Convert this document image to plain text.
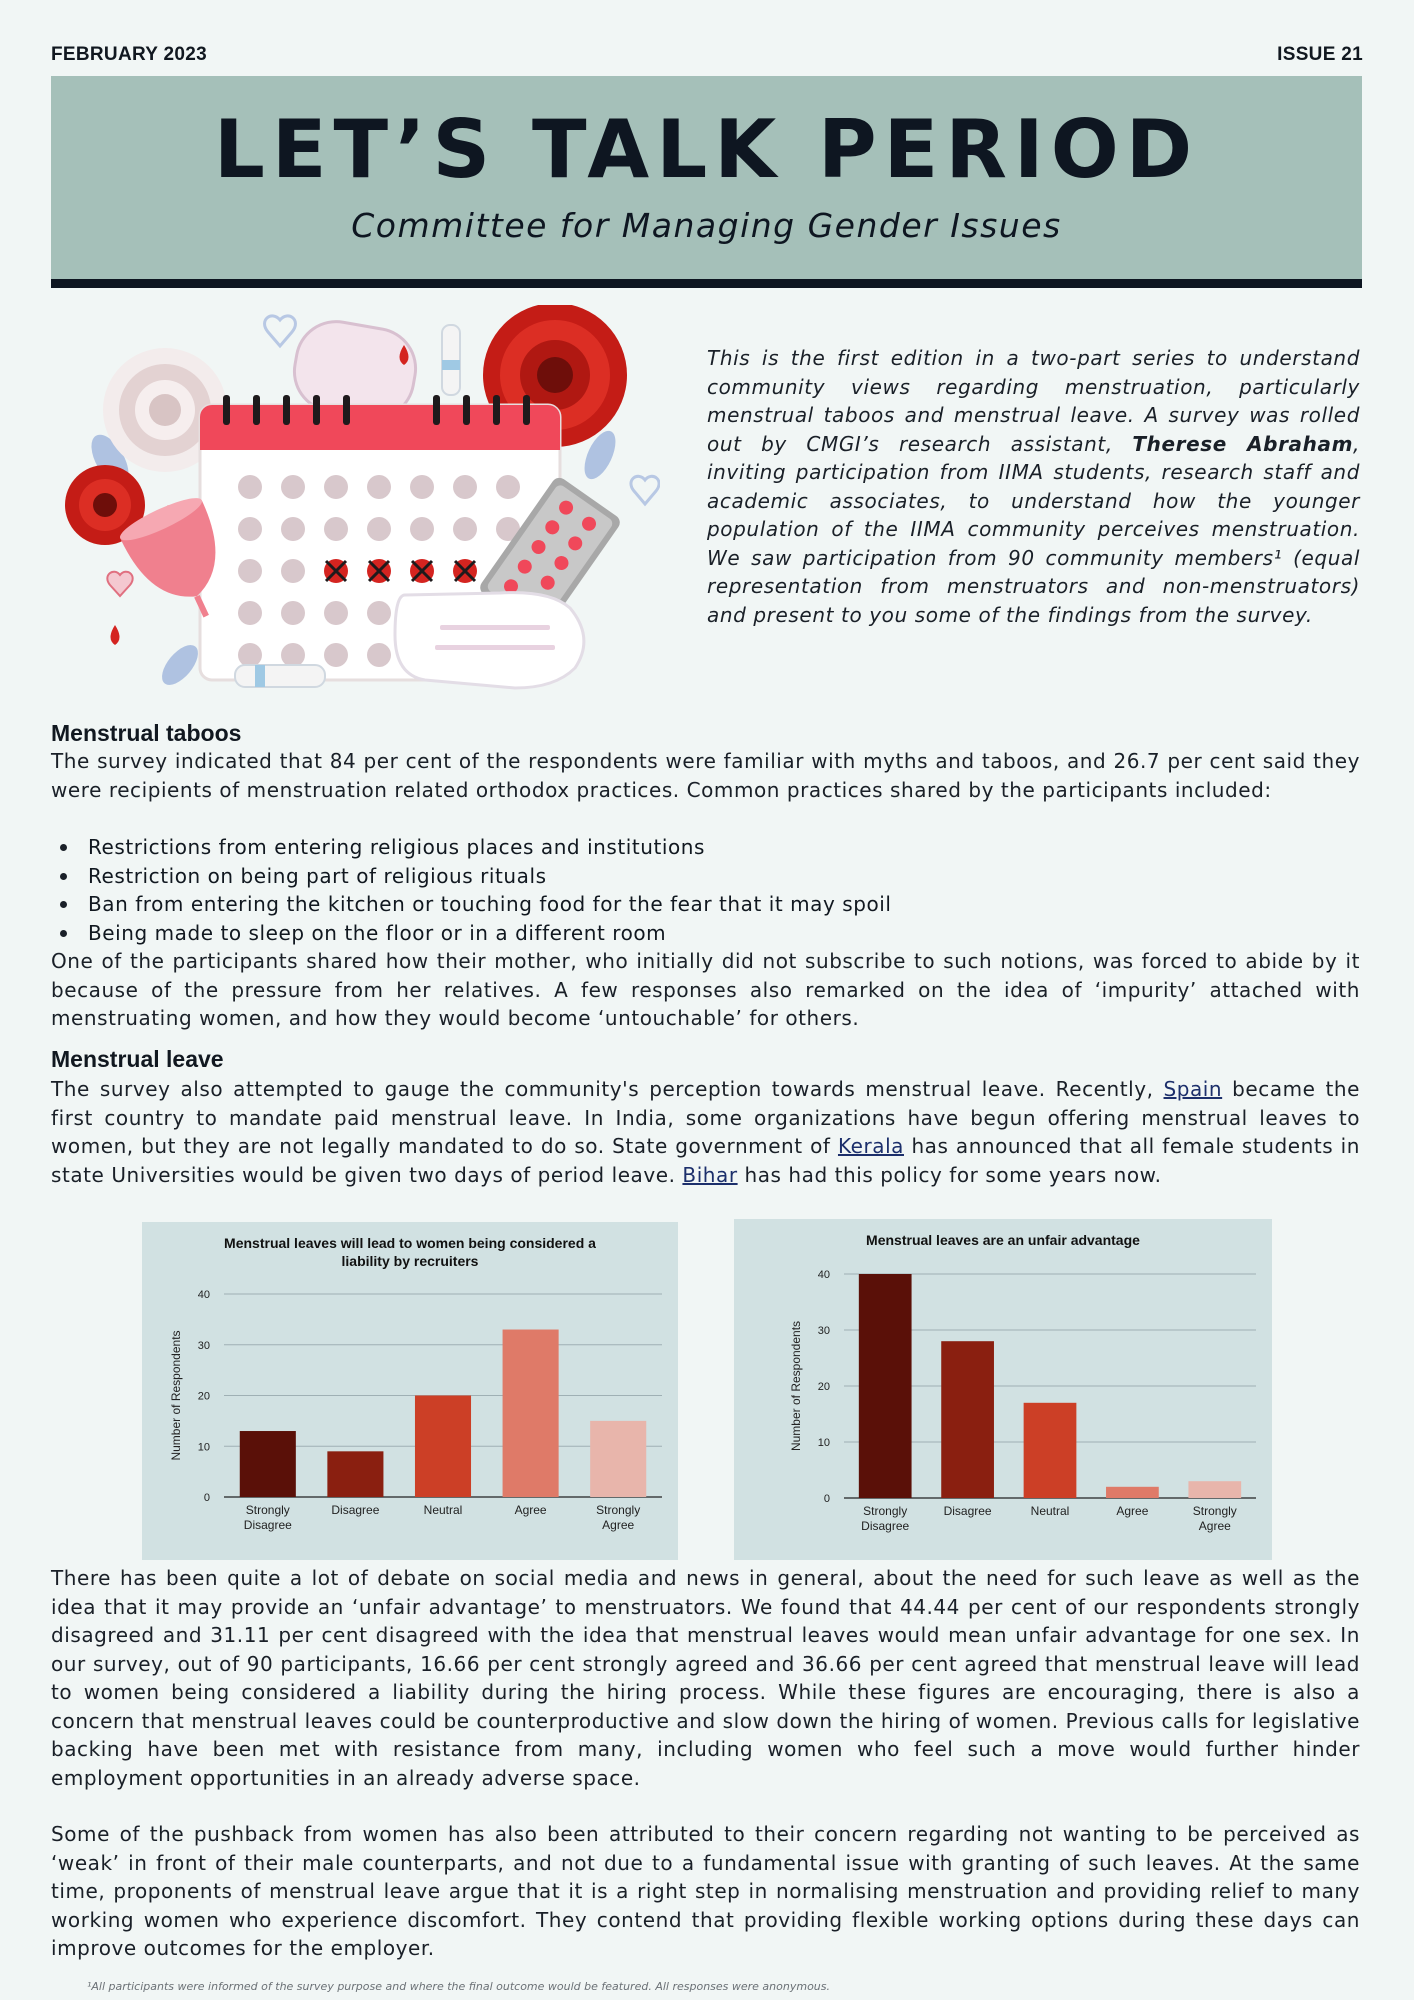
FEBRUARY 2023	ISSUE 21
LET’S TALK PERIOD
Committee for Managing Gender Issues
This is the first edition in a two-part series to understand community views regarding menstruation, particularly menstrual taboos and menstrual leave. A survey was rolled out by CMGI’s research assistant, Therese Abraham, inviting participation from IIMA students, research staff and academic associates, to understand how the younger population of the IIMA community perceives menstruation. We saw participation from 90 community members¹ (equal representation from menstruators and non-menstruators) and present to you some of the findings from the survey.
Menstrual taboos
The survey indicated that 84 per cent of the respondents were familiar with myths and taboos, and 26.7 per cent said they were recipients of menstruation related orthodox practices. Common practices shared by the participants included:
Restrictions from entering religious places and institutions
Restriction on being part of religious rituals
Ban from entering the kitchen or touching food for the fear that it may spoil
Being made to sleep on the floor or in a different room
One of the participants shared how their mother, who initially did not subscribe to such notions, was forced to abide by it because of the pressure from her relatives. A few responses also remarked on the idea of ‘impurity’ attached with menstruating women, and how they would become ‘untouchable’ for others.
Menstrual leave
The survey also attempted to gauge the community's perception towards menstrual leave. Recently, Spain became the first country to mandate paid menstrual leave. In India, some organizations have begun offering menstrual leaves to women, but they are not legally mandated to do so. State government of Kerala has announced that all female students in state Universities would be given two days of period leave. Bihar has had this policy for some years now.
Menstrual leaves will lead to women being considered a
liability by recruiters
0
10
20
30
40
Number of Respondents
Strongly
Disagree
Disagree	Neutral	Agree	Strongly
Agree
Menstrual leaves are an unfair advantage
0
10
20
30
40
Number of Respondents
Strongly
Disagree
Disagree	Neutral	Agree	Strongly
Agree
There has been quite a lot of debate on social media and news in general, about the need for such leave as well as the idea that it may provide an ‘unfair advantage’ to menstruators. We found that 44.44 per cent of our respondents strongly disagreed and 31.11 per cent disagreed with the idea that menstrual leaves would mean unfair advantage for one sex. In our survey, out of 90 participants, 16.66 per cent strongly agreed and 36.66 per cent agreed that menstrual leave will lead to women being considered a liability during the hiring process. While these figures are encouraging, there is also a concern that menstrual leaves could be counterproductive and slow down the hiring of women. Previous calls for legislative backing have been met with resistance from many, including women who feel such a move would further hinder employment opportunities in an already adverse space.
Some of the pushback from women has also been attributed to their concern regarding not wanting to be perceived as ‘weak’ in front of their male counterparts, and not due to a fundamental issue with granting of such leaves. At the same time, proponents of menstrual leave argue that it is a right step in normalising menstruation and providing relief to many working women who experience discomfort. They contend that providing flexible working options during these days can improve outcomes for the employer.
¹All participants were informed of the survey purpose and where the final outcome would be featured. All responses were anonymous.
